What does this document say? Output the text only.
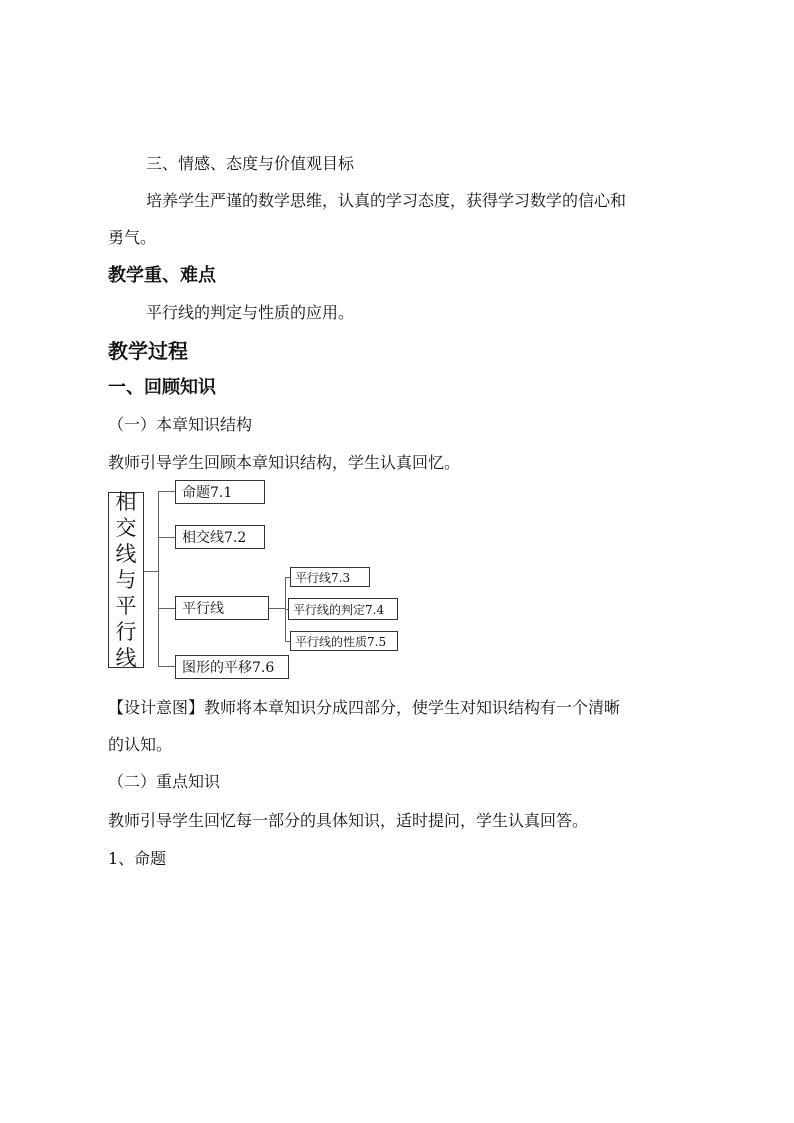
三、情感、态度与价值观目标
培养学生严谨的数学思维，认真的学习态度，获得学习数学的信心和
勇气。
教学重、难点
平行线的判定与性质的应用。
教学过程
一、回顾知识
（一）本章知识结构
教师引导学生回顾本章知识结构，学生认真回忆。
相
交
线
与
平
行
线
命题7.1
相交线7.2
平行线
图形的平移7.6
平行线7.3
平行线的判定7.4
平行线的性质7.5
【设计意图】教师将本章知识分成四部分，使学生对知识结构有一个清晰
的认知。
（二）重点知识
教师引导学生回忆每一部分的具体知识，适时提问，学生认真回答。
1、命题
